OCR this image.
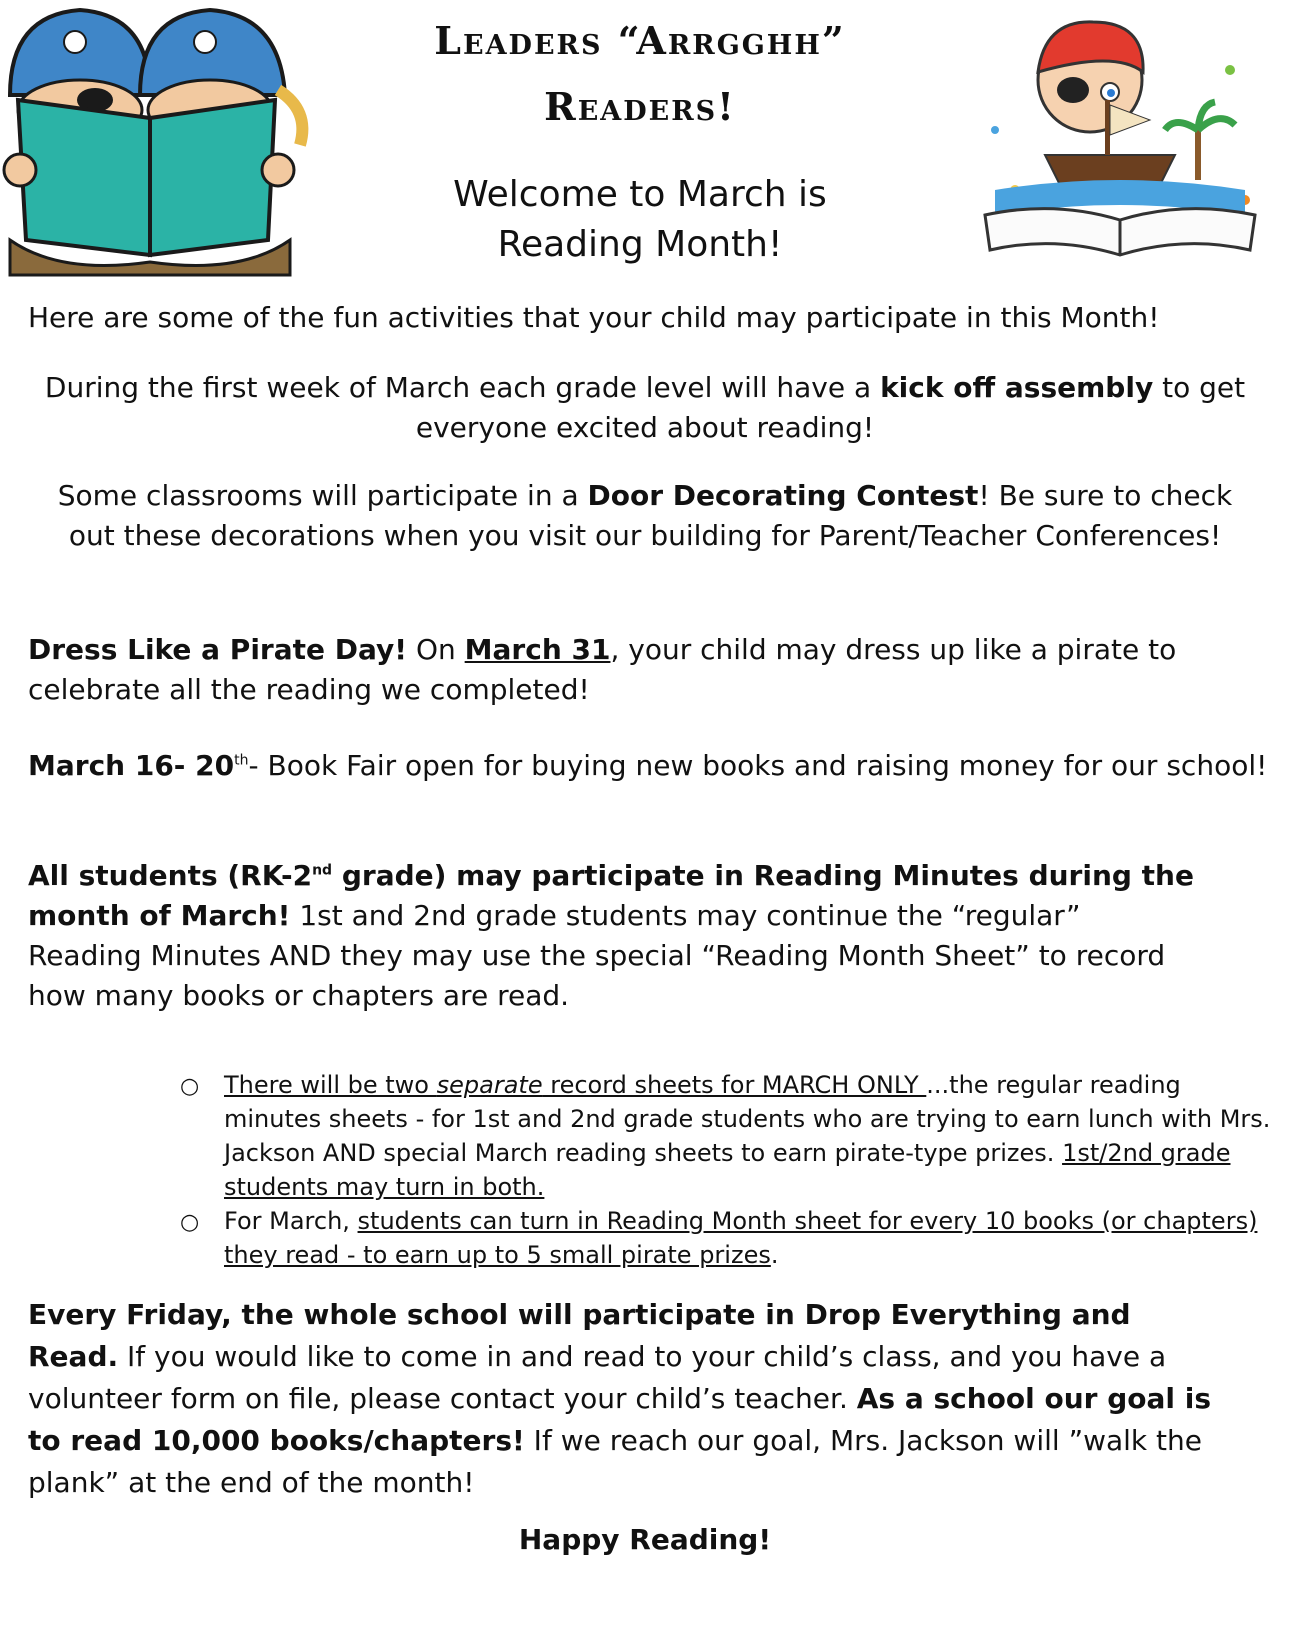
Leaders “Arrgghh”
Readers!
Welcome to March is
Reading Month!

Here are some of the fun activities that your child may participate in this Month!

During the first week of March each grade level will have a kick off assembly to get everyone excited about reading!

Some classrooms will participate in a Door Decorating Contest! Be sure to check out these decorations when you visit our building for Parent/Teacher Conferences!

Dress Like a Pirate Day! On March 31, your child may dress up like a pirate to celebrate all the reading we completed!

March 16- 20th- Book Fair open for buying new books and raising money for our school!

All students (RK-2nd grade) may participate in Reading Minutes during the month of March! 1st and 2nd grade students may continue the “regular” Reading Minutes AND they may use the special “Reading Month Sheet” to record how many books or chapters are read.

○ There will be two separate record sheets for MARCH ONLY ...the regular reading minutes sheets - for 1st and 2nd grade students who are trying to earn lunch with Mrs. Jackson AND special March reading sheets to earn pirate-type prizes. 1st/2nd grade students may turn in both.
○ For March, students can turn in Reading Month sheet for every 10 books (or chapters) they read - to earn up to 5 small pirate prizes.

Every Friday, the whole school will participate in Drop Everything and Read. If you would like to come in and read to your child’s class, and you have a volunteer form on file, please contact your child’s teacher. As a school our goal is to read 10,000 books/chapters! If we reach our goal, Mrs. Jackson will ”walk the plank” at the end of the month!

Happy Reading!
